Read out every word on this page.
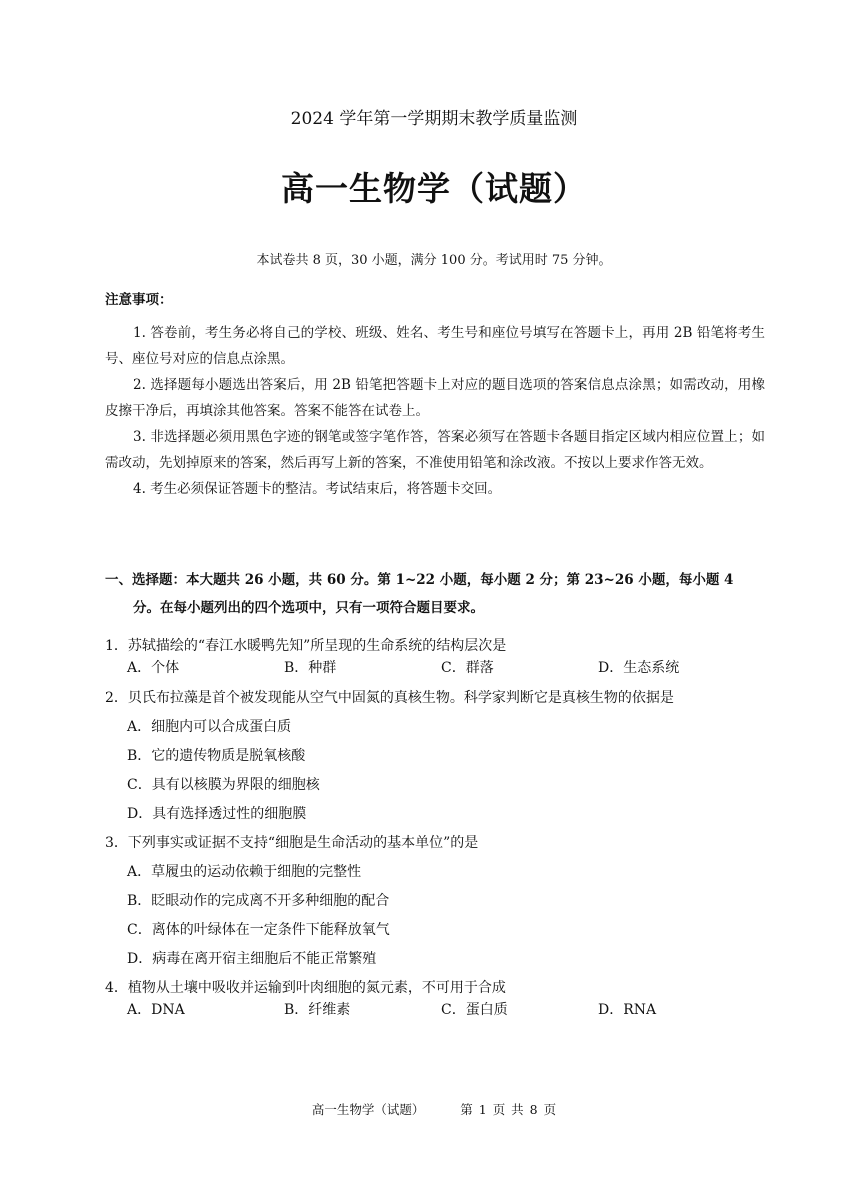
2024 学年第一学期期末教学质量监测
高一生物学（试题）
本试卷共 8 页，30 小题，满分 100 分。考试用时 75 分钟。
注意事项：
1. 答卷前，考生务必将自己的学校、班级、姓名、考生号和座位号填写在答题卡上，再用 2B 铅笔将考生号、座位号对应的信息点涂黑。
2. 选择题每小题选出答案后，用 2B 铅笔把答题卡上对应的题目选项的答案信息点涂黑；如需改动，用橡皮擦干净后，再填涂其他答案。答案不能答在试卷上。
3. 非选择题必须用黑色字迹的钢笔或签字笔作答，答案必须写在答题卡各题目指定区域内相应位置上；如需改动，先划掉原来的答案，然后再写上新的答案，不准使用铅笔和涂改液。不按以上要求作答无效。
4. 考生必须保证答题卡的整洁。考试结束后，将答题卡交回。
一、选择题：本大题共 26 小题，共 60 分。第 1~22 小题，每小题 2 分；第 23~26 小题，每小题 4
分。在每小题列出的四个选项中，只有一项符合题目要求。
1．苏轼描绘的“春江水暖鸭先知”所呈现的生命系统的结构层次是
A．个体	B．种群	C．群落	D．生态系统
2．贝氏布拉藻是首个被发现能从空气中固氮的真核生物。科学家判断它是真核生物的依据是
A．细胞内可以合成蛋白质
B．它的遗传物质是脱氧核酸
C．具有以核膜为界限的细胞核
D．具有选择透过性的细胞膜
3．下列事实或证据不支持“细胞是生命活动的基本单位”的是
A．草履虫的运动依赖于细胞的完整性
B．眨眼动作的完成离不开多种细胞的配合
C．离体的叶绿体在一定条件下能释放氧气
D．病毒在离开宿主细胞后不能正常繁殖
4．植物从土壤中吸收并运输到叶肉细胞的氮元素，不可用于合成
A．DNA	B．纤维素	C．蛋白质	D．RNA
高一生物学（试题）	第 1 页 共 8 页
